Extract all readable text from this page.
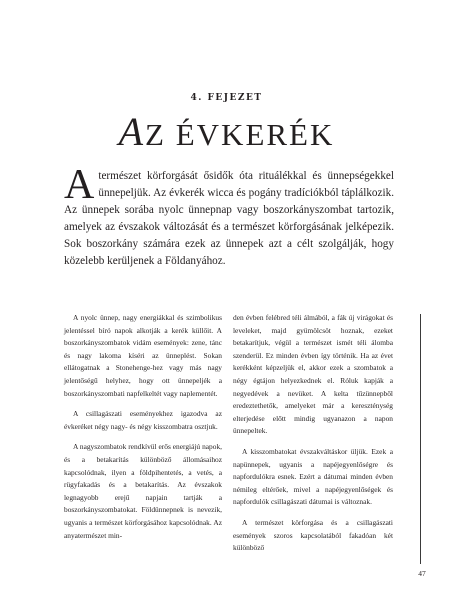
4. FEJEZET
AZ ÉVKERÉK

Atermészet körforgását ősidők óta rituálékkal és ünnepségekkel ünnepeljük. Az évkerék wicca és pogány tradíciókból táplálkozik. Az ünnepek sorába nyolc ünnepnap vagy boszorkányszombat tartozik, amelyek az évszakok változását és a természet körforgásának jelképezik. Sok boszorkány számára ezek az ünnepek azt a célt szolgálják, hogy közelebb kerüljenek a Földanyához.

A nyolc ünnep, nagy energiákkal és szimbolikus jelentéssel bíró napok alkotják a kerék küllőit. A boszorkányszombatok vidám események: zene, tánc és nagy lakoma kíséri az ünneplést. Sokan ellátogatnak a Stonehenge-hez vagy más nagy jelentőségű helyhez, hogy ott ünnepeljék a boszorkányszombati napfelkeltét vagy naplementét.

A csillagászati eseményekhez igazodva az évkeréket négy nagy- és négy kisszombatra osztjuk.

A nagyszombatok rendkívül erős energiájú napok, és a betakarítás különböző állomásaihoz kapcsolódnak, ilyen a földpihentetés, a vetés, a rügyfakadás és a betakarítás. Az évszakok legnagyobb erejű napjain tartják a boszorkányszombatokat. Földünnepnek is nevezik, ugyanis a természet körforgásához kapcsolódnak. Az anyatermészet min-

den évben felébred téli álmából, a fák új virágokat és leveleket, majd gyümölcsöt hoznak, ezeket betakarítjuk, végül a természet ismét téli álomba szenderül. Ez minden évben így történik. Ha az évet kerékként képzeljük el, akkor ezek a szombatok a négy égtájon helyezkednek el. Róluk kapják a negyedévek a nevüket. A kelta tűzünnepből eredeztethetők, amelyeket már a kereszténység elterjedése előtt mindig ugyanazon a napon ünnepeltek.

A kisszombatokat évszakváltáskor üljük. Ezek a napünnepek, ugyanis a napéjegyenlőségre és napfordulókra esnek. Ezért a dátumai minden évben némileg eltérőek, mivel a napéjegyenlőségek és napfordulók csillagászati dátumai is változnak.

A természet körforgása és a csillagászati események szoros kapcsolatából fakadóan két különböző

47
